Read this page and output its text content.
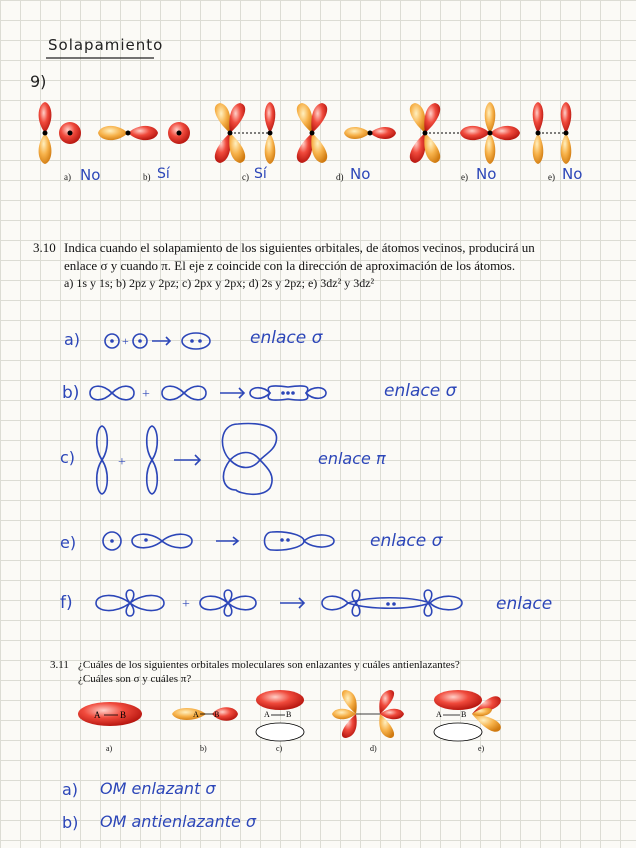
Solapamiento
9)
a) No	b) Sí	c) Sí	d) No	e) No	e) No
3.10 Indica cuando el solapamiento de los siguientes orbitales, de átomos vecinos, producirá un
enlace σ y cuando π. El eje z coincide con la dirección de aproximación de los átomos.
a) 1s y 1s; b) 2pz y 2pz; c) 2px y 2px; d) 2s y 2pz; e) 3dz² y 3dz²
a)	+	enlace σ
b)	+	enlace σ
c)	+	enlace π
e)	enlace σ
f)	+	enlace
3.11 ¿Cuáles de los siguientes orbitales moleculares son enlazantes y cuáles antienlazantes?
¿Cuáles son σ y cuáles π?
A B	A B	A B	A B
a)	b)	c)	d)	e)
a) OM enlazant σ
b) OM antienlazante σ
